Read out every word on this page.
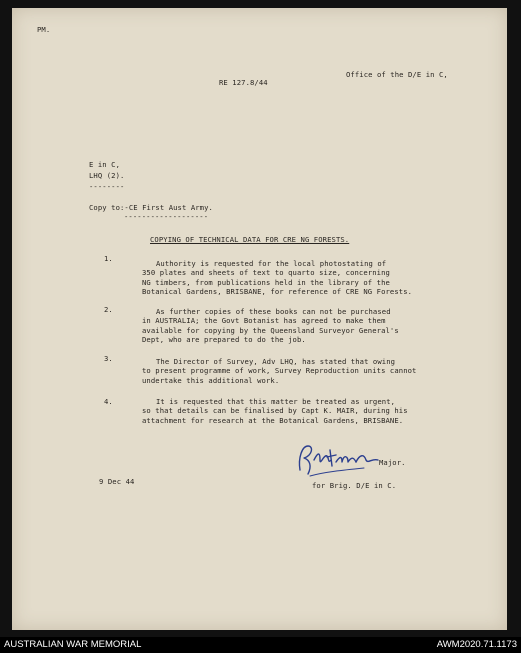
PM.
RE 127.8/44
Office of the D/E in C,
E in C,
LHQ (2).
--------
Copy to:-CE First Aust Army.
-------------------
COPYING OF TECHNICAL DATA FOR CRE NG FORESTS.
1.
Authority is requested for the local photostating of
350 plates and sheets of text to quarto size, concerning
NG timbers, from publications held in the library of the
Botanical Gardens, BRISBANE, for reference of CRE NG Forests.
2.	As further copies of these books can not be purchased
in AUSTRALIA; the Govt Botanist has agreed to make them
available for copying by the Queensland Surveyor General's
Dept, who are prepared to do the job.
3.	The Director of Survey, Adv LHQ, has stated that owing
to present programme of work, Survey Reproduction units cannot
undertake this additional work.
4.	It is requested that this matter be treated as urgent,
so that details can be finalised by Capt K. MAIR, during his
attachment for research at the Botanical Gardens, BRISBANE.
Major.
for Brig. D/E in C.
9 Dec 44
AUSTRALIAN WAR MEMORIAL	AWM2020.71.1173
